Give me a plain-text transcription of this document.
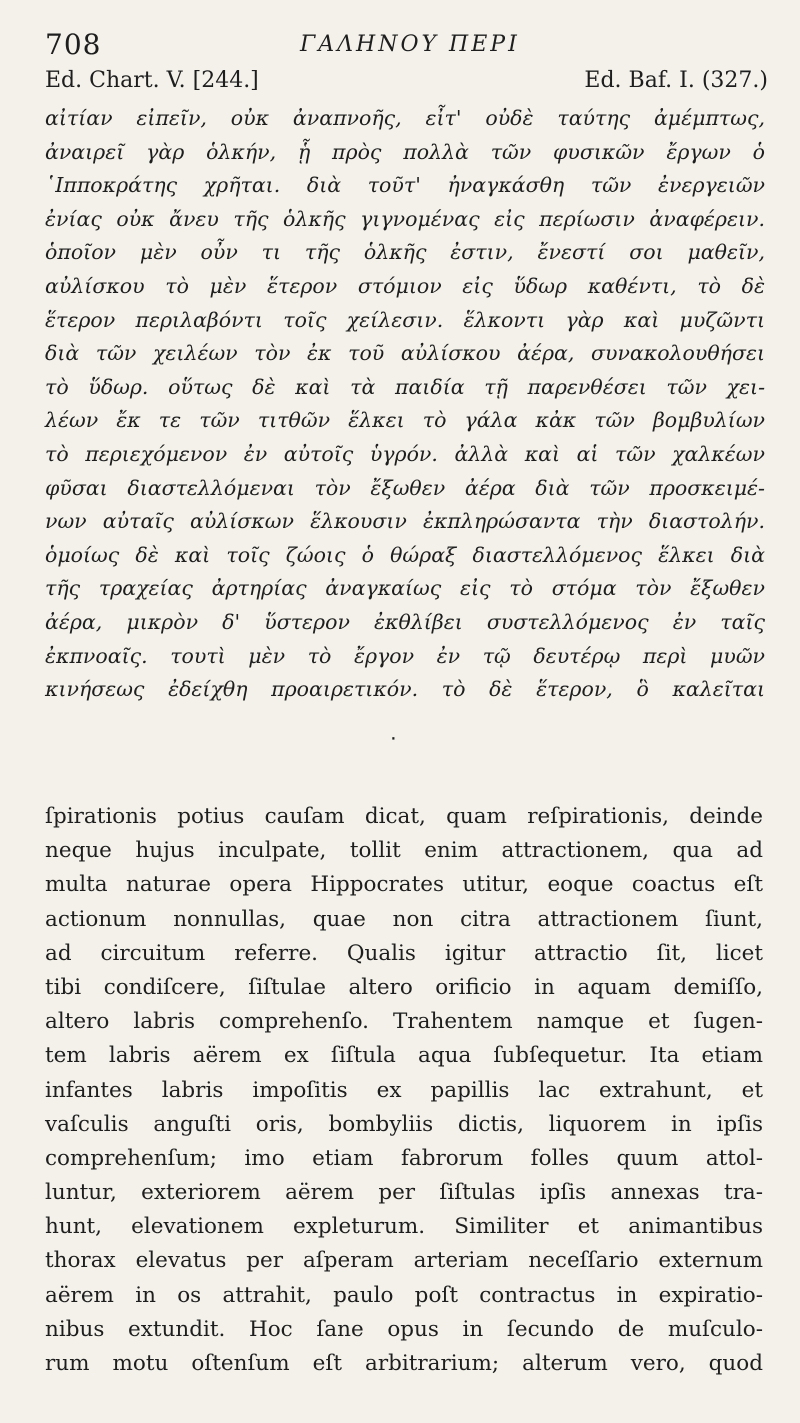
708	ΓΑΛΗΝΟΥ ΠΕΡΙ
Ed. Chart. V. [244.]	Ed. Baf. I. (327.)
αἰτίαν εἰπεῖν, οὐκ ἀναπνοῆς, εἶτ' οὐδὲ ταύτης ἀμέμπτως,
ἀναιρεῖ γὰρ ὁλκήν, ᾗ πρὸς πολλὰ τῶν φυσικῶν ἔργων ὁ
῾Ιπποκράτης χρῆται. διὰ τοῦτ' ἠναγκάσθη τῶν ἐνεργειῶν
ἐνίας οὐκ ἄνευ τῆς ὁλκῆς γιγνομένας εἰς περίωσιν ἀναφέρειν.
ὁποῖον μὲν οὖν τι τῆς ὁλκῆς ἐστιν, ἔνεστί σοι μαθεῖν,
αὐλίσκου τὸ μὲν ἕτερον στόμιον εἰς ὕδωρ καθέντι, τὸ δὲ
ἕτερον περιλαβόντι τοῖς χείλεσιν. ἕλκοντι γὰρ καὶ μυζῶντι
διὰ τῶν χειλέων τὸν ἐκ τοῦ αὐλίσκου ἀέρα, συνακολουθήσει
τὸ ὕδωρ. οὕτως δὲ καὶ τὰ παιδία τῇ παρενθέσει τῶν χει-
λέων ἔκ τε τῶν τιτθῶν ἕλκει τὸ γάλα κἀκ τῶν βομβυλίων
τὸ περιεχόμενον ἐν αὐτοῖς ὑγρόν. ἀλλὰ καὶ αἱ τῶν χαλκέων
φῦσαι διαστελλόμεναι τὸν ἔξωθεν ἀέρα διὰ τῶν προσκειμέ-
νων αὐταῖς αὐλίσκων ἕλκουσιν ἐκπληρώσαντα τὴν διαστολήν.
ὁμοίως δὲ καὶ τοῖς ζώοις ὁ θώραξ διαστελλόμενος ἕλκει διὰ
τῆς τραχείας ἀρτηρίας ἀναγκαίως εἰς τὸ στόμα τὸν ἔξωθεν
ἀέρα, μικρὸν δ' ὕστερον ἐκθλίβει συστελλόμενος ἐν ταῖς
ἐκπνοαῖς. τουτὶ μὲν τὸ ἔργον ἐν τῷ δευτέρῳ περὶ μυῶν
κινήσεως ἐδείχθη προαιρετικόν. τὸ δὲ ἕτερον, ὃ καλεῖται
٠
ſpirationis potius cauſam dicat, quam reſpirationis, deinde
neque hujus inculpate, tollit enim attractionem, qua ad
multa naturae opera Hippocrates utitur, eoque coactus eſt
actionum nonnullas, quae non citra attractionem ſiunt,
ad circuitum referre. Qualis igitur attractio ſit, licet
tibi condiſcere, ſiſtulae altero orificio in aquam demiſſo,
altero labris comprehenſo. Trahentem namque et ſugen-
tem labris aërem ex ſiſtula aqua ſubſequetur. Ita etiam
infantes labris impoſitis ex papillis lac extrahunt, et
vaſculis anguſti oris, bombyliis dictis, liquorem in ipſis
comprehenſum; imo etiam fabrorum folles quum attol-
luntur, exteriorem aërem per ſiſtulas ipſis annexas tra-
hunt, elevationem expleturum. Similiter et animantibus
thorax elevatus per aſperam arteriam neceſſario externum
aërem in os attrahit, paulo poſt contractus in expiratio-
nibus extundit. Hoc ſane opus in ſecundo de muſculo-
rum motu oſtenſum eſt arbitrarium; alterum vero, quod
